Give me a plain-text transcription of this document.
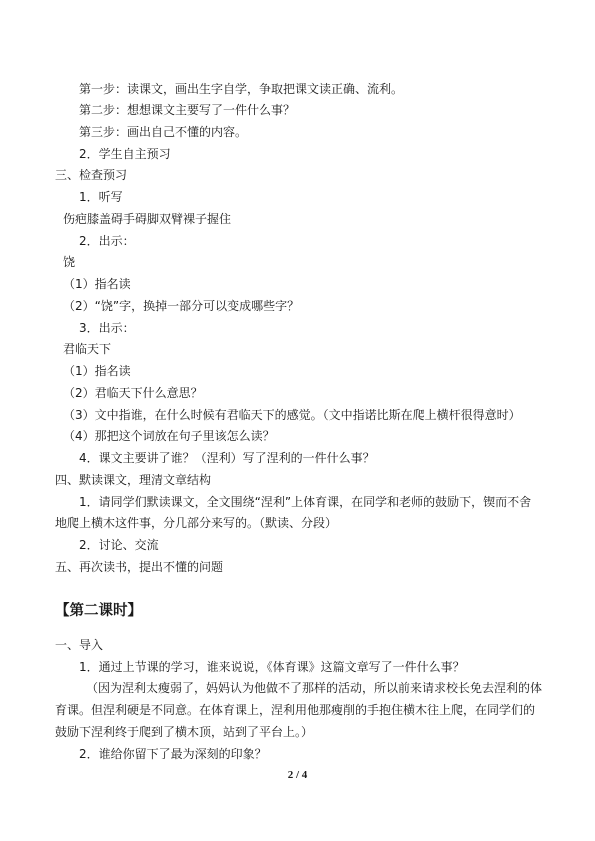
第一步：读课文，画出生字自学，争取把课文读正确、流利。
第二步：想想课文主要写了一件什么事？
第三步：画出自己不懂的内容。
2．学生自主预习
三、检查预习
1．听写
伤疤膝盖碍手碍脚双臂裸子握住
2．出示：
饶
（1）指名读
（2）“饶”字，换掉一部分可以变成哪些字？
3．出示：
君临天下
（1）指名读
（2）君临天下什么意思？
（3）文中指谁，在什么时候有君临天下的感觉。（文中指诺比斯在爬上横杆很得意时）
（4）那把这个词放在句子里该怎么读？
4．课文主要讲了谁？（涅利）写了涅利的一件什么事？
四、默读课文，理清文章结构
1．请同学们默读课文，全文围绕“涅利”上体育课，在同学和老师的鼓励下，锲而不舍
地爬上横木这件事，分几部分来写的。（默读、分段）
2．讨论、交流
五、再次读书，提出不懂的问题
【第二课时】
一、导入
1．通过上节课的学习，谁来说说，《体育课》这篇文章写了一件什么事？
（因为涅利太瘦弱了，妈妈认为他做不了那样的活动，所以前来请求校长免去涅利的体
育课。但涅利硬是不同意。在体育课上，涅利用他那瘦削的手抱住横木往上爬，在同学们的
鼓励下涅利终于爬到了横木顶，站到了平台上。）
2．谁给你留下了最为深刻的印象？
2 / 4
